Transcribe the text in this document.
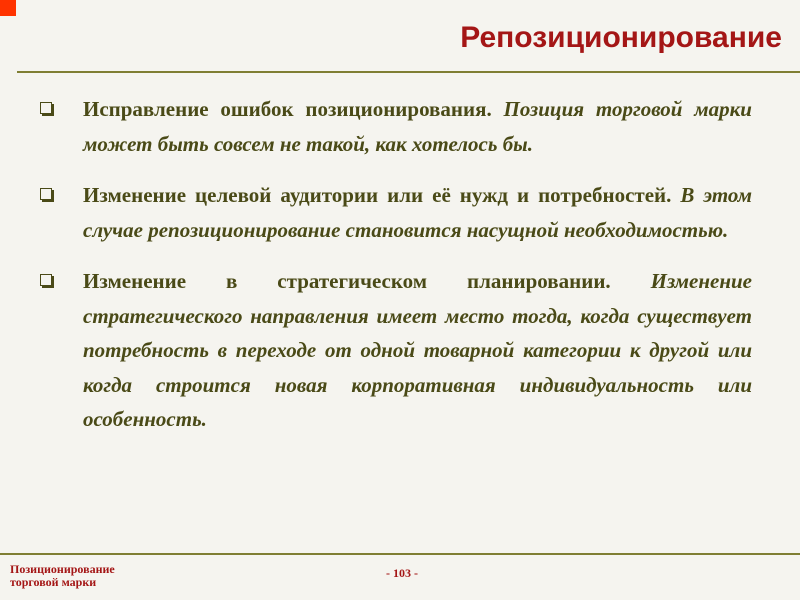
Репозиционирование
Исправление ошибок позиционирования. Позиция торговой марки может быть совсем не такой, как хотелось бы.
Изменение целевой аудитории или её нужд и потребностей. В этом случае репозиционирование становится насущной необходимостью.
Изменение в стратегическом планировании. Изменение стратегического направления имеет место тогда, когда существует потребность в переходе от одной товарной категории к другой или когда строится новая корпоративная индивидуальность или особенность.
Позиционирование
торговой марки
- 103 -
